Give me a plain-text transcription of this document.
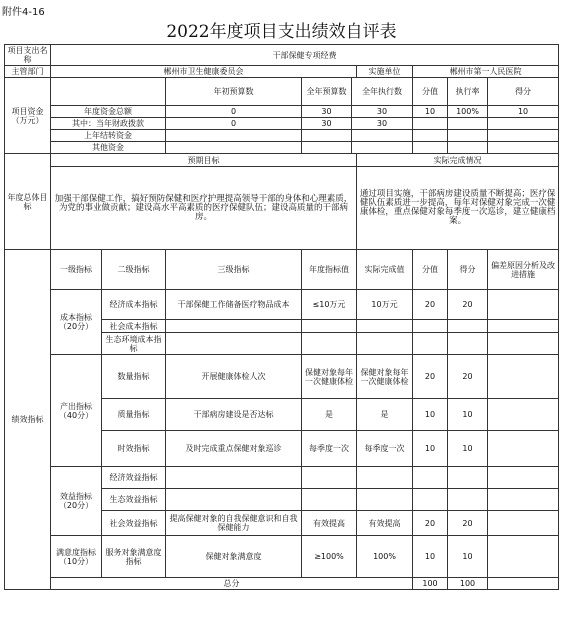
附件4-16
2022年度项目支出绩效自评表
项目支出名称	干部保健专项经费								
主管部门	郴州市卫生健康委员会					实施单位	郴州市第一人民医院		
项目资金（万元）			年初预算数	全年预算数	全年执行数		分值	执行率	得分
	年度资金总额		0	30	30		10	100%	10
	其中：当年财政拨款		0	30	30				
	上年结转资金								
	其他资金								
年度总体目标	预期目标					实际完成情况			
	加强干部保健工作，搞好预防保健和医疗护理提高领导干部的身体和心理素质，为党的事业做贡献；建设高水平高素质的医疗保健队伍；建设高质量的干部病房。					通过项目实施，干部病房建设质量不断提高；医疗保健队伍素质进一步提高，每年对保健对象完成一次健康体检，重点保健对象每季度一次巡诊，建立健康档案。			
绩效指标	一级指标	二级指标	三级指标	年度指标值		实际完成值	分值	得分	偏差原因分析及改进措施
	成本指标（20分）	经济成本指标	干部保健工作储备医疗物品成本	≤10万元		10万元	20	20	
		社会成本指标							
		生态环境成本指标							
	产出指标（40分）	数量指标	开展健康体检人次	保健对象每年一次健康体检		保健对象每年一次健康体检	20	20	
		质量指标	干部病房建设是否达标	是		是	10	10	
		时效指标	及时完成重点保健对象巡诊	每季度一次		每季度一次	10	10	
	效益指标（20分）	经济效益指标							
		生态效益指标							
		社会效益指标	提高保健对象的自我保健意识和自我保健能力	有效提高		有效提高	20	20	
	满意度指标（10分）	服务对象满意度指标	保健对象满意度	≥100%		100%	10	10	
	总分						100	100	
